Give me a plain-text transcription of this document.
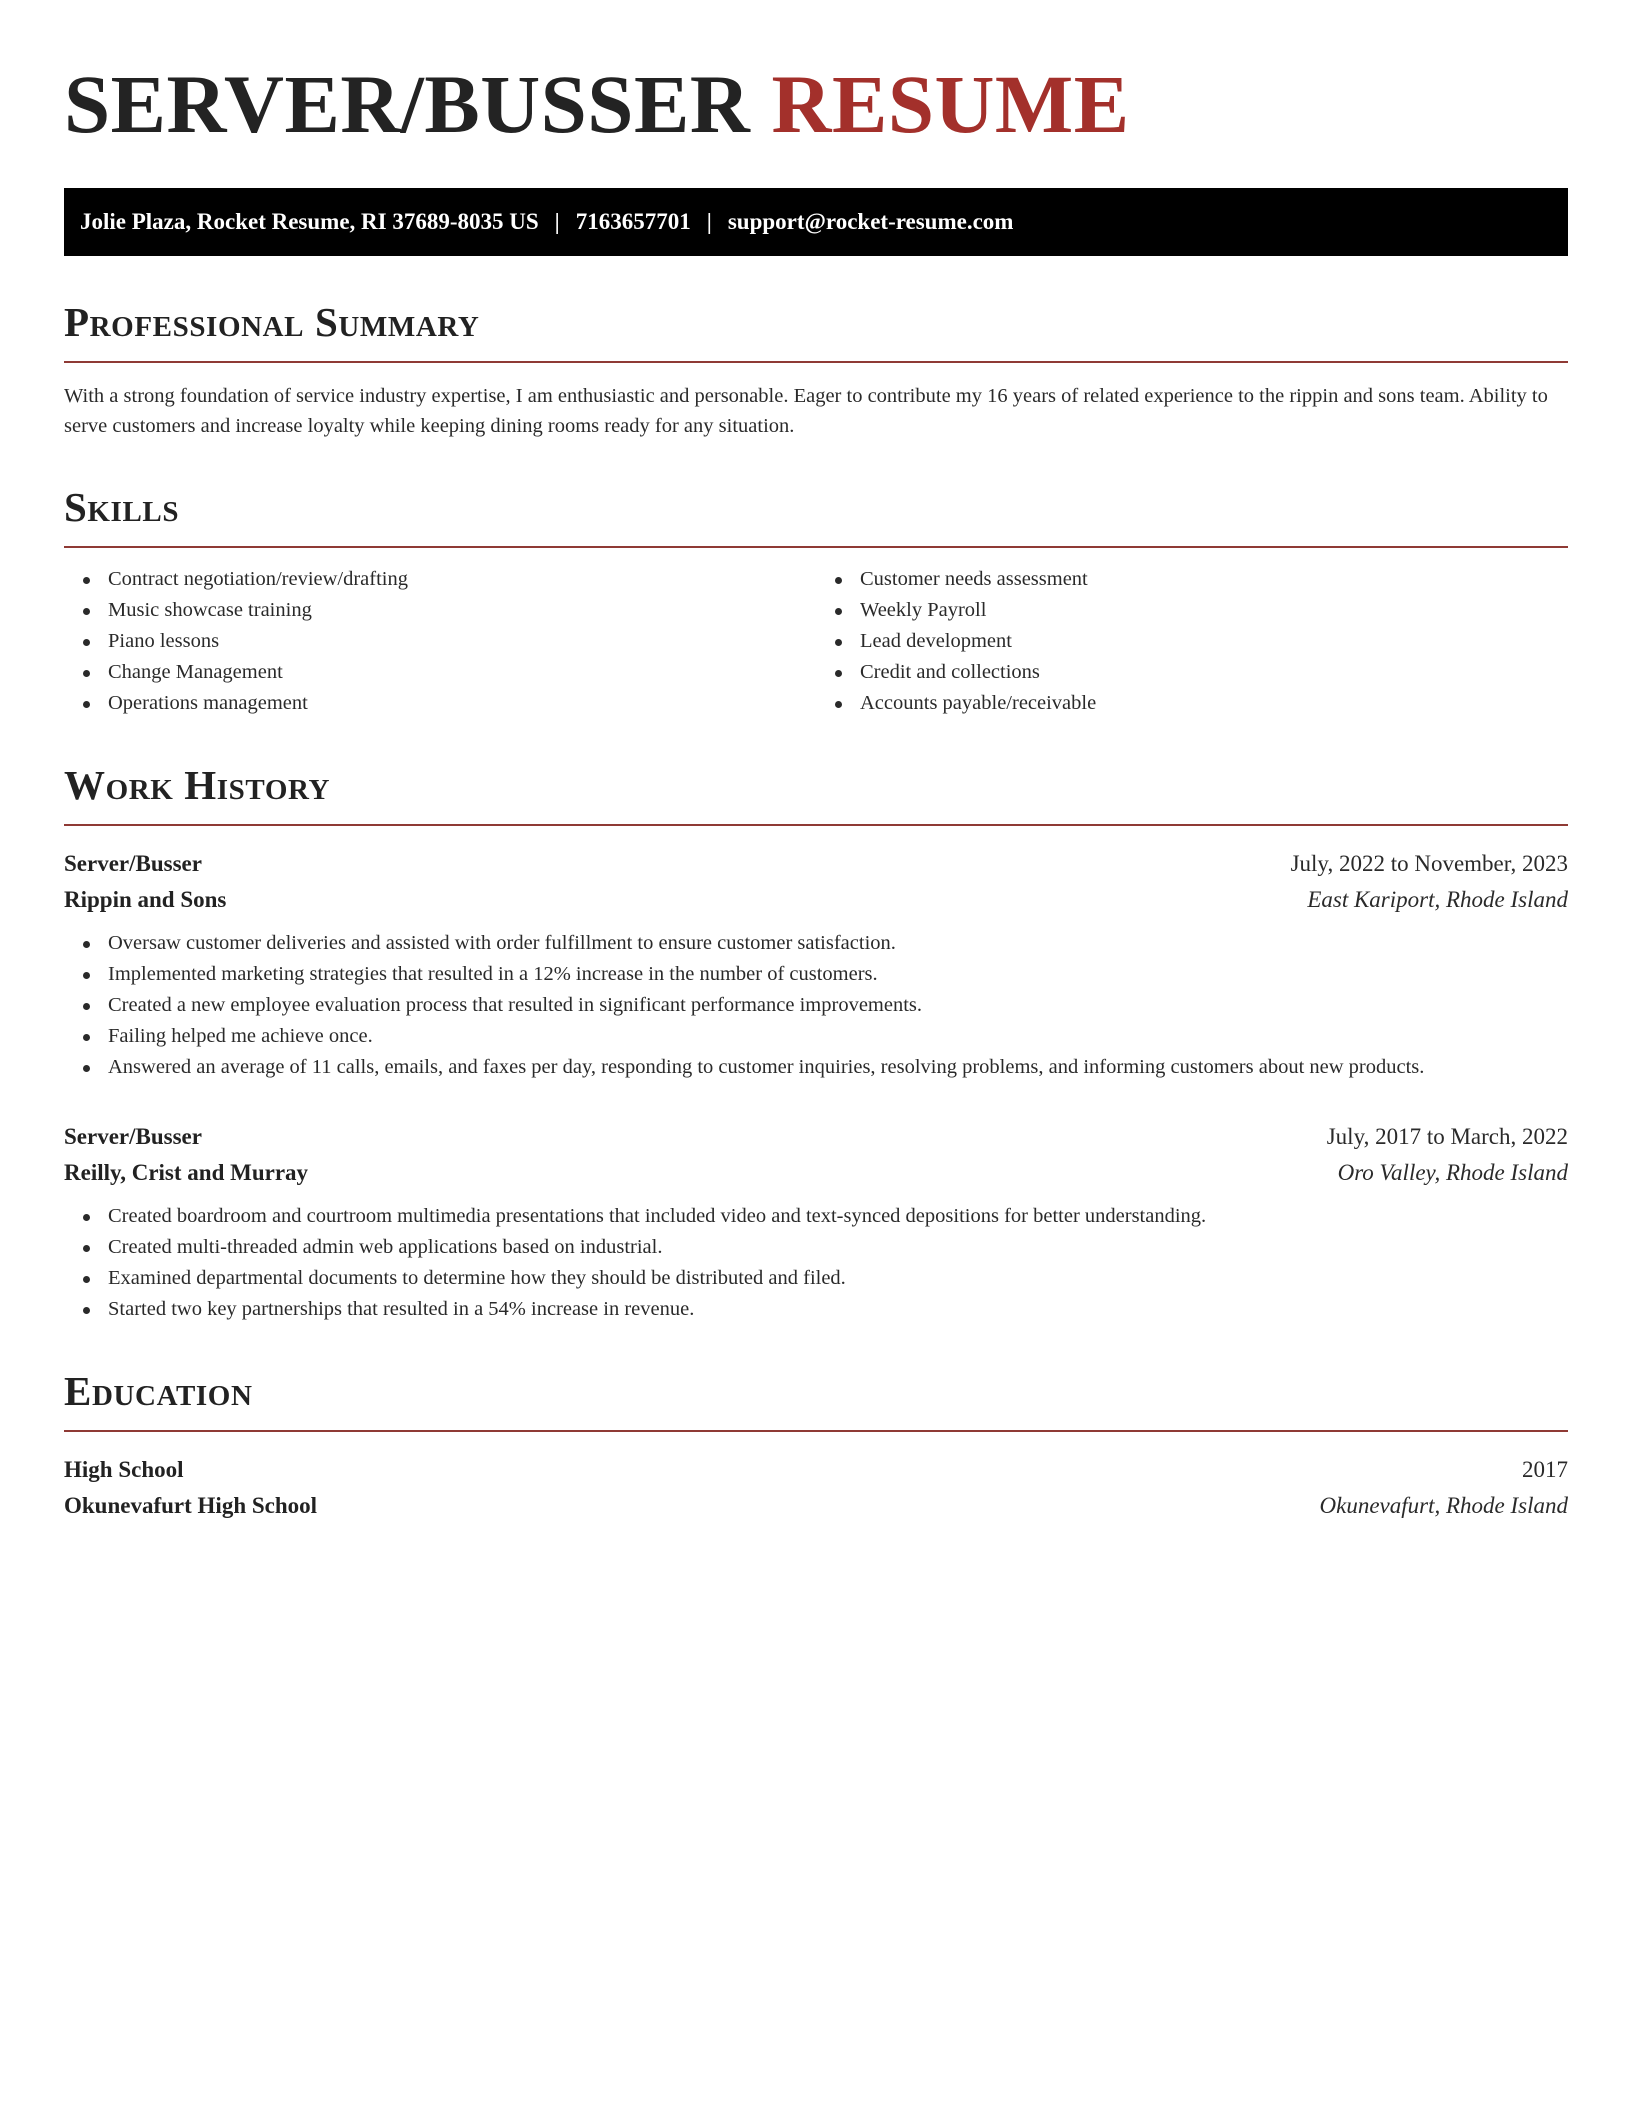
SERVER/BUSSER RESUME
Jolie Plaza, Rocket Resume, RI 37689-8035 US | 7163657701 | support@rocket-resume.com
Professional Summary

With a strong foundation of service industry expertise, I am enthusiastic and personable. Eager to contribute my 16 years of related experience to the rippin and sons team. Ability to serve customers and increase loyalty while keeping dining rooms ready for any situation.

Skills
Contract negotiation/review/drafting
Music showcase training
Piano lessons
Change Management
Operations management
Customer needs assessment
Weekly Payroll
Lead development
Credit and collections
Accounts payable/receivable
Work History
Server/Busser	July, 2022 to November, 2023
Rippin and Sons	East Kariport, Rhode Island
Oversaw customer deliveries and assisted with order fulfillment to ensure customer satisfaction.
Implemented marketing strategies that resulted in a 12% increase in the number of customers.
Created a new employee evaluation process that resulted in significant performance improvements.
Failing helped me achieve once.
Answered an average of 11 calls, emails, and faxes per day, responding to customer inquiries, resolving problems, and informing customers about new products.
Server/Busser	July, 2017 to March, 2022
Reilly, Crist and Murray	Oro Valley, Rhode Island
Created boardroom and courtroom multimedia presentations that included video and text-synced depositions for better understanding.
Created multi-threaded admin web applications based on industrial.
Examined departmental documents to determine how they should be distributed and filed.
Started two key partnerships that resulted in a 54% increase in revenue.
Education
High School	2017
Okunevafurt High School	Okunevafurt, Rhode Island
